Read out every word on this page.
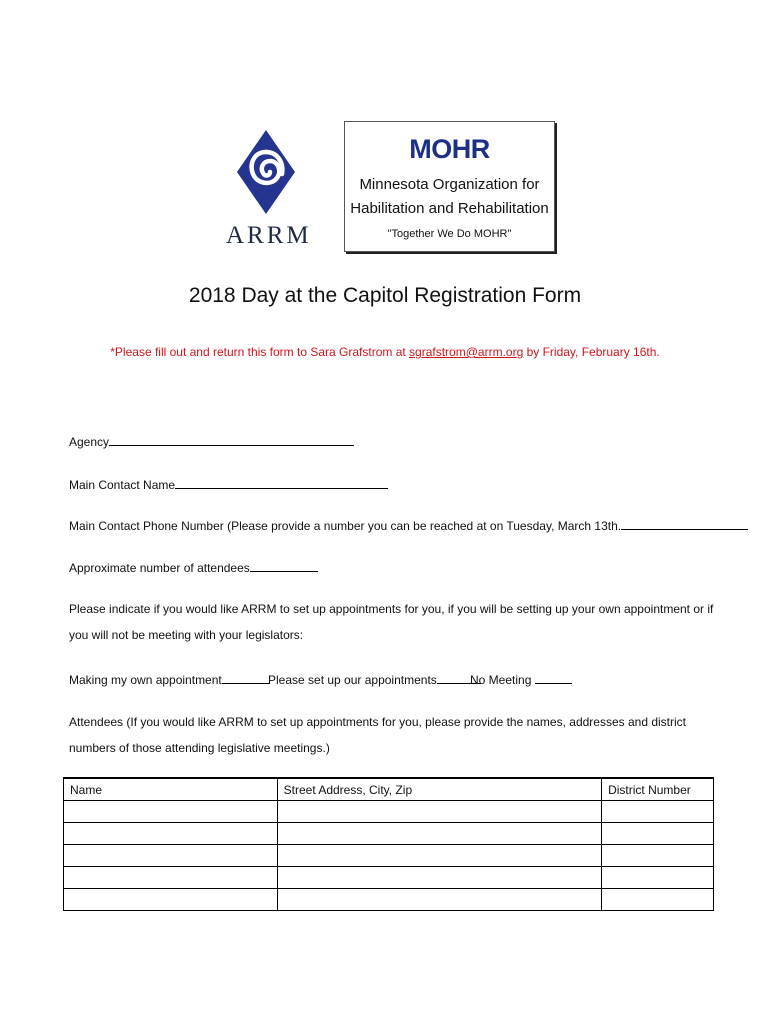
ARRM
MOHR
Minnesota Organization for
Habilitation and Rehabilitation
"Together We Do MOHR"
2018 Day at the Capitol Registration Form
*Please fill out and return this form to Sara Grafstrom at sgrafstrom@arrm.org by Friday, February 16th.
Agency
Main Contact Name
Main Contact Phone Number (Please provide a number you can be reached at on Tuesday, March 13th.
Approximate number of attendees
Please indicate if you would like ARRM to set up appointments for you, if you will be setting up your own appointment or if you will not be meeting with your legislators:
Making my own appointment	Please set up our appointments	No Meeting
Attendees (If you would like ARRM to set up appointments for you, please provide the names, addresses and district numbers of those attending legislative meetings.)
Name	Street Address, City, Zip	District Number
